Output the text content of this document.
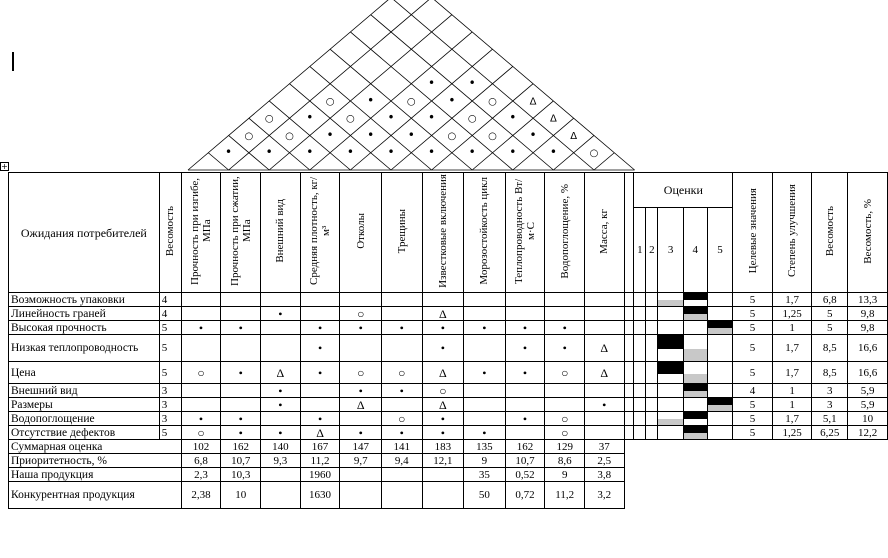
•
○
•
○
•
•
•
•
•
•
•
○
•
○
•
•
•
Δ
○
○	•	○	•	•	○	•	Δ
○	•
•
•
○
•
○	Δ
+
Ожидания потребителей	Весомость	Прочность при изгибе, МПа	Прочность при сжатии, МПа	Внешний вид	Средняя плотность, кг/м³	Отколы	Трещины	Известковые включения	Морозостойкость цикл	Теплопроводность Вт/м·С	Водопоглощение, %	Масса, кг		Оценки					Целевые значения	Степень улучшения	Весомость	Весомость, %
														1	2	3	4	5				
Возможность упаковки	4																		5	1,7	6,8	13,3
Линейность граней	4			•		○		Δ											5	1,25	5	9,8
Высокая прочность	5	•	•		•	•	•	•	•	•	•								5	1	5	9,8
Низкая теплопроводность	5				•			•		•	•	Δ							5	1,7	8,5	16,6
Цена	5	○	•	Δ	•	○	○	Δ	•	•	○	Δ							5	1,7	8,5	16,6
Внешний вид	3			•		•	•	○											4	1	3	5,9
Размеры	3			•		Δ		Δ				•							5	1	3	5,9
Водопоглощение	3	•	•		•		○	•		•	○								5	1,7	5,1	10
Отсутствие дефектов	5	○	•	•	Δ	•	•	•	•		○								5	1,25	6,25	12,2
Суммарная оценка		102	162	140	167	147	141	183	135	162	129	37										
Приоритетность, %		6,8	10,7	9,3	11,2	9,7	9,4	12,1	9	10,7	8,6	2,5										
Наша продукция		2,3	10,3		1960				35	0,52	9	3,8										
Конкурентная продукция		2,38	10		1630				50	0,72	11,2	3,2										
